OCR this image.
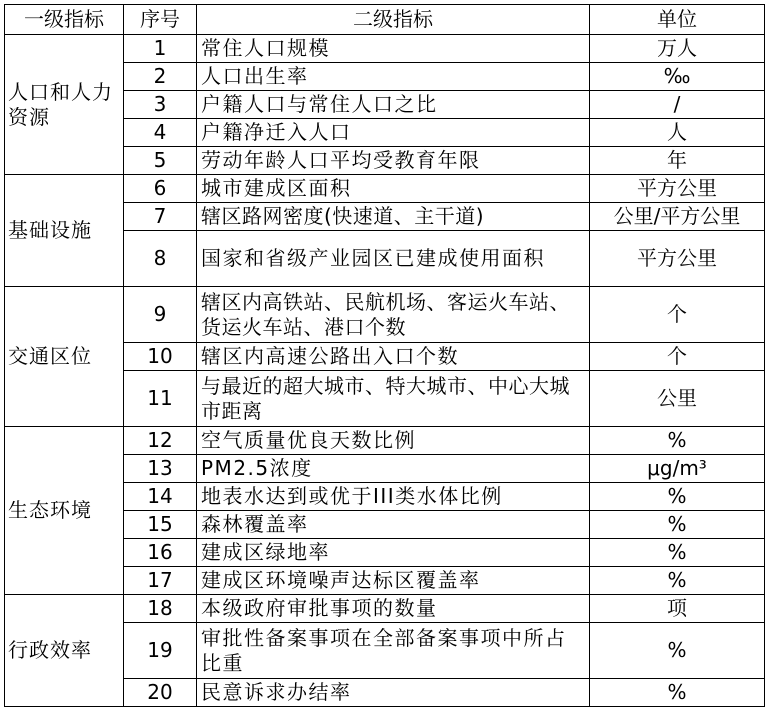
一级指标	序号	二级指标	单位
人口和人力资源	1	常住人口规模	万人
	2	人口出生率	‰
	3	户籍人口与常住人口之比	/
	4	户籍净迁入人口	人
	5	劳动年龄人口平均受教育年限	年
基础设施	6	城市建成区面积	平方公里
	7	辖区路网密度(快速道、主干道)	公里/平方公里
	8	国家和省级产业园区已建成使用面积	平方公里
交通区位	9	辖区内高铁站、民航机场、客运火车站、货运火车站、港口个数	个
	10	辖区内高速公路出入口个数	个
	11	与最近的超大城市、特大城市、中心大城市距离	公里
生态环境	12	空气质量优良天数比例	%
	13	PM2.5浓度	μg/m³
	14	地表水达到或优于III类水体比例	%
	15	森林覆盖率	%
	16	建成区绿地率	%
	17	建成区环境噪声达标区覆盖率	%
行政效率	18	本级政府审批事项的数量	项
	19	审批性备案事项在全部备案事项中所占比重	%
	20	民意诉求办结率	%
